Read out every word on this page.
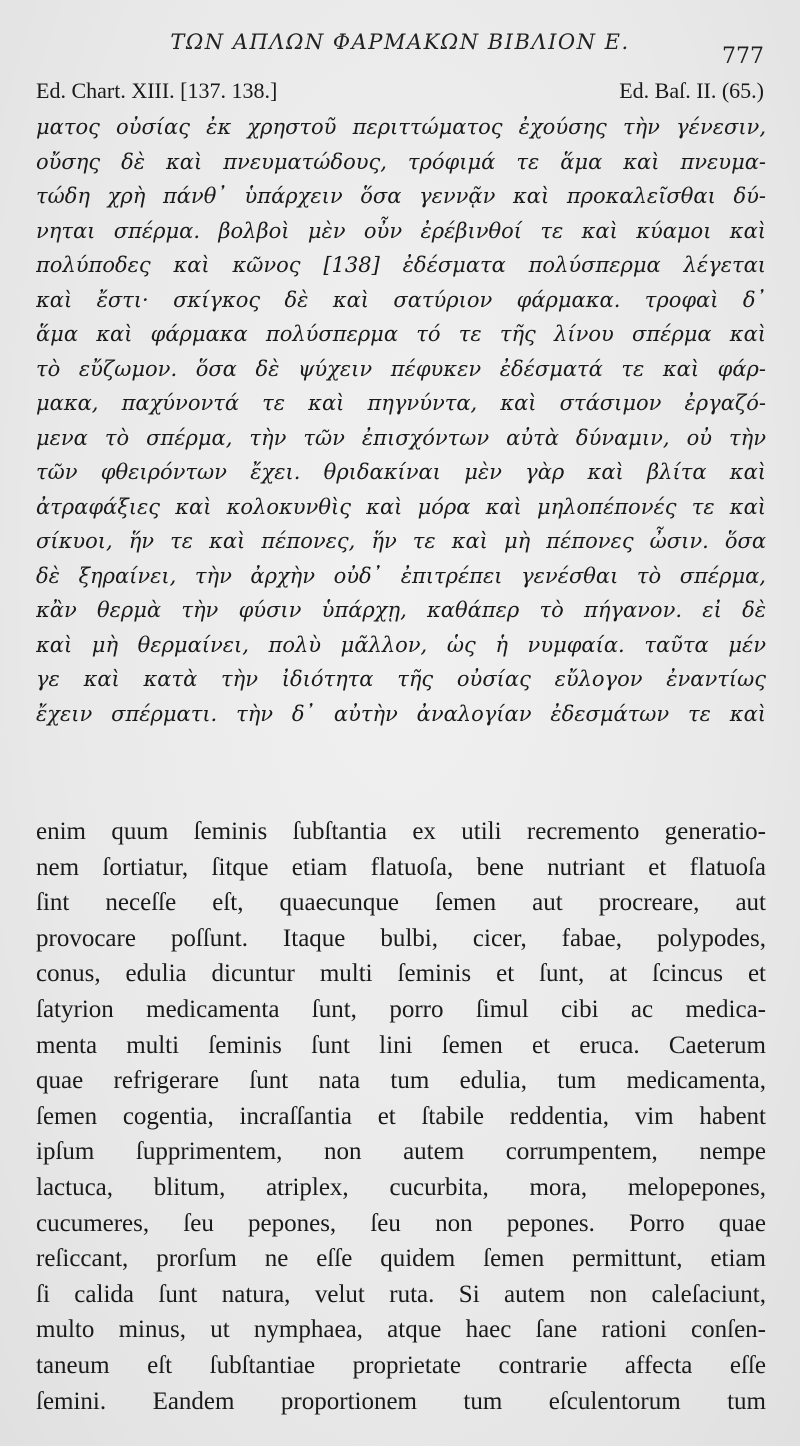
ΤΩΝ ΑΠΛΩΝ ΦΑΡΜΑΚΩΝ ΒΙΒΛΙΟΝ Ε.
777
Ed. Chart. XIII. [137. 138.]	Ed. Baſ. II. (65.)
ματος οὐσίας ἐκ χρηστοῦ περιττώματος ἐχούσης τὴν γένεσιν,
οὔσης δὲ καὶ πνευματώδους, τρόφιμά τε ἅμα καὶ πνευμα-
τώδη χρὴ πάνθ᾽ ὑπάρχειν ὅσα γεννᾷν καὶ προκαλεῖσθαι δύ-
νηται σπέρμα. βολβοὶ μὲν οὖν ἐρέβινθοί τε καὶ κύαμοι καὶ
πολύποδες καὶ κῶνος [138] ἐδέσματα πολύσπερμα λέγεται
καὶ ἔστι· σκίγκος δὲ καὶ σατύριον φάρμακα. τροφαὶ δ᾽
ἅμα καὶ φάρμακα πολύσπερμα τό τε τῆς λίνου σπέρμα καὶ
τὸ εὔζωμον. ὅσα δὲ ψύχειν πέφυκεν ἐδέσματά τε καὶ φάρ-
μακα, παχύνοντά τε καὶ πηγνύντα, καὶ στάσιμον ἐργαζό-
μενα τὸ σπέρμα, τὴν τῶν ἐπισχόντων αὐτὰ δύναμιν, οὐ τὴν
τῶν φθειρόντων ἔχει. θριδακίναι μὲν γὰρ καὶ βλίτα καὶ
ἀτραφάξιες καὶ κολοκυνθὶς καὶ μόρα καὶ μηλοπέπονές τε καὶ
σίκυοι, ἥν τε καὶ πέπονες, ἥν τε καὶ μὴ πέπονες ὦσιν. ὅσα
δὲ ξηραίνει, τὴν ἀρχὴν οὐδ᾽ ἐπιτρέπει γενέσθαι τὸ σπέρμα,
κἂν θερμὰ τὴν φύσιν ὑπάρχῃ, καθάπερ τὸ πήγανον. εἰ δὲ
καὶ μὴ θερμαίνει, πολὺ μᾶλλον, ὡς ἡ νυμφαία. ταῦτα μέν
γε καὶ κατὰ τὴν ἰδιότητα τῆς οὐσίας εὔλογον ἐναντίως
ἔχειν σπέρματι. τὴν δ᾽ αὐτὴν ἀναλογίαν ἐδεσμάτων τε καὶ
enim quum ſeminis ſubſtantia ex utili recremento generatio-
nem ſortiatur, ſitque etiam flatuoſa, bene nutriant et flatuoſa
ſint neceſſe eſt, quaecunque ſemen aut procreare, aut
provocare poſſunt. Itaque bulbi, cicer, fabae, polypodes,
conus, edulia dicuntur multi ſeminis et ſunt, at ſcincus et
ſatyrion medicamenta ſunt, porro ſimul cibi ac medica-
menta multi ſeminis ſunt lini ſemen et eruca. Caeterum
quae refrigerare ſunt nata tum edulia, tum medicamenta,
ſemen cogentia, incraſſantia et ſtabile reddentia, vim habent
ipſum ſupprimentem, non autem corrumpentem, nempe
lactuca, blitum, atriplex, cucurbita, mora, melopepones,
cucumeres, ſeu pepones, ſeu non pepones. Porro quae
reſiccant, prorſum ne eſſe quidem ſemen permittunt, etiam
ſi calida ſunt natura, velut ruta. Si autem non caleſaciunt,
multo minus, ut nymphaea, atque haec ſane rationi conſen-
taneum eſt ſubſtantiae proprietate contrarie affecta eſſe
ſemini. Eandem proportionem tum eſculentorum tum
